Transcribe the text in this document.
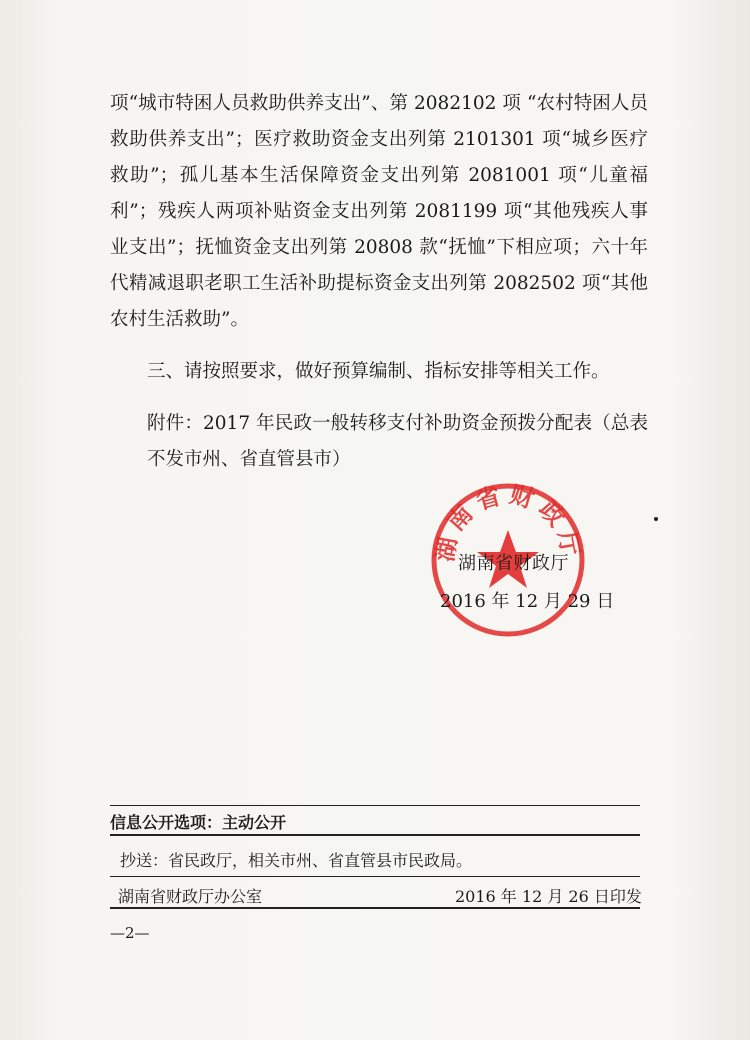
项“城市特困人员救助供养支出”、第 2082102 项 “农村特困人员救助供养支出”；医疗救助资金支出列第 2101301 项“城乡医疗救助”；孤儿基本生活保障资金支出列第 2081001 项“儿童福利”；残疾人两项补贴资金支出列第 2081199 项“其他残疾人事业支出”；抚恤资金支出列第 20808 款“抚恤”下相应项；六十年代精减退职老职工生活补助提标资金支出列第 2082502 项“其他农村生活救助”。

三、请按照要求，做好预算编制、指标安排等相关工作。

附件：2017 年民政一般转移支付补助资金预拨分配表（总表不发市州、省直管县市）

湖南省财政厅
湖南省财政厅
2016 年 12 月 29 日
信息公开选项：主动公开
抄送：省民政厅，相关市州、省直管县市民政局。
湖南省财政厅办公室	2016 年 12 月 26 日印发
—2—
